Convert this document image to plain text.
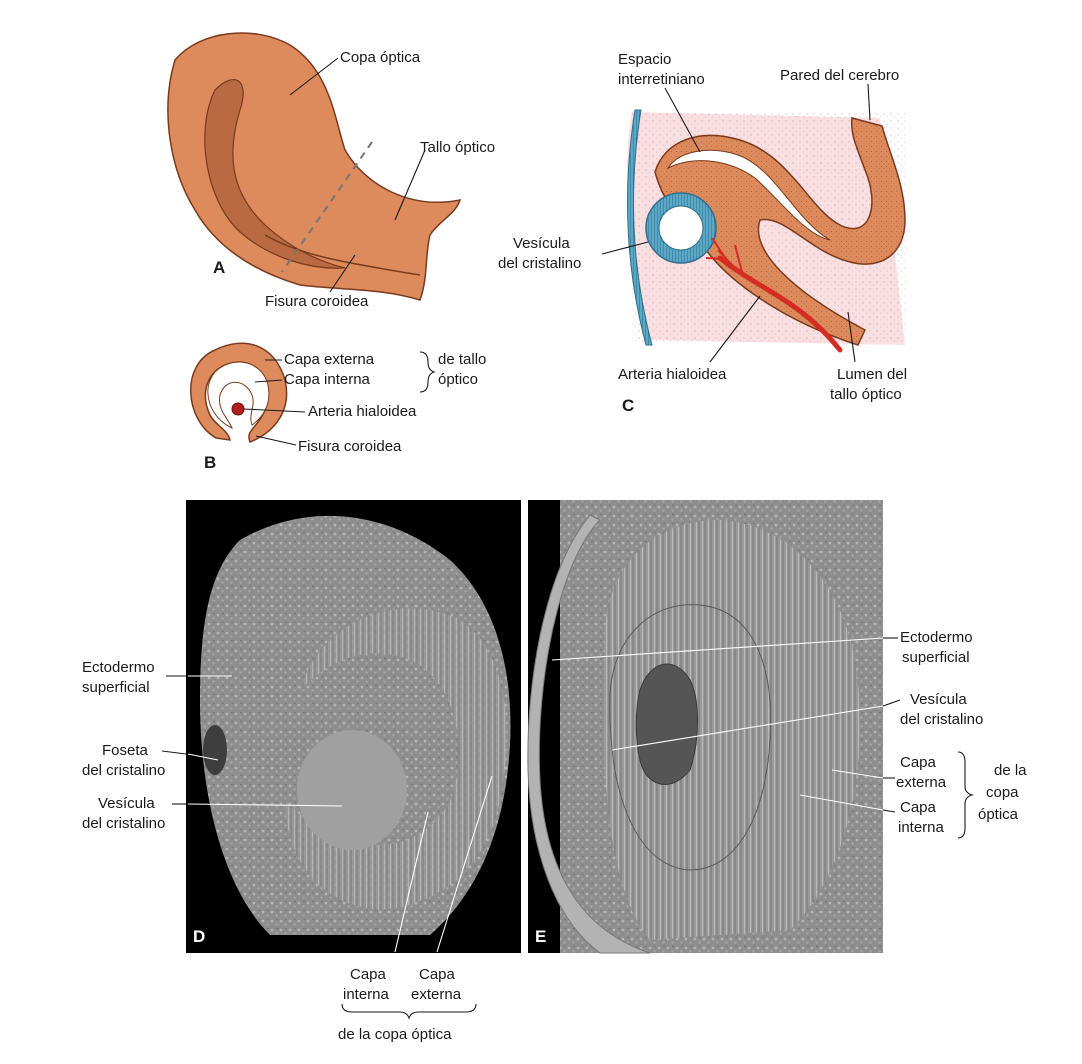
Copa óptica
Tallo óptico
Fisura coroidea
A
Capa externa
Capa interna
de tallo
óptico
Arteria hialoidea
Fisura coroidea
B
Espacio
interretiniano	Pared del cerebro
Vesícula
del cristalino
Arteria hialoidea	Lumen del
tallo óptico
C
D
Ectodermo
superficial
Foseta
del cristalino
Vesícula
del cristalino
Capa
interna
Capa
externa
de la copa óptica
E
Ectodermo
superficial
Vesícula
del cristalino
Capa
externa
Capa
interna
de la
copa
óptica
